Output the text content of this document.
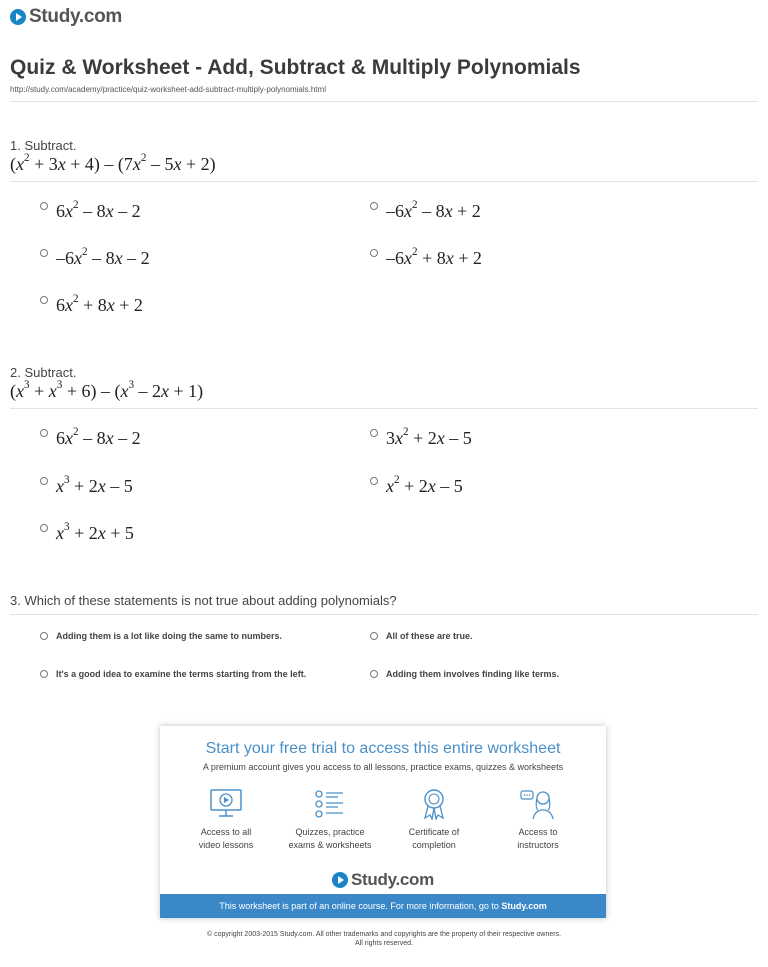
Study.com
Quiz & Worksheet - Add, Subtract & Multiply Polynomials
http://study.com/academy/practice/quiz-worksheet-add-subtract-multiply-polynomials.html
1. Subtract.
$(x^2 + 3x + 4) - (7x^2 - 5x + 2)$
$6x^2 - 8x - 2$	$-6x^2 - 8x + 2$
$-6x^2 - 8x - 2$	$-6x^2 + 8x + 2$
$6x^2 + 8x + 2$
2. Subtract.
$(x^3 + x^3 + 6) - (x^3 - 2x + 1)$
$6x^2 - 8x - 2$	$3x^2 + 2x - 5$
$x^3 + 2x - 5$	$x^2 + 2x - 5$
$x^3 + 2x + 5$
3. Which of these statements is not true about adding polynomials?
Adding them is a lot like doing the same to numbers.	All of these are true.
It's a good idea to examine the terms starting from the left.	Adding them involves finding like terms.
Start your free trial to access this entire worksheet
A premium account gives you access to all lessons, practice exams, quizzes & worksheets
Access to all
video lessons
Quizzes, practice
exams & worksheets
Certificate of
completion
Access to
instructors
Study.com
This worksheet is part of an online course. For more information, go to Study.com
© copyright 2003-2015 Study.com. All other trademarks and copyrights are the property of their respective owners.
All rights reserved.
